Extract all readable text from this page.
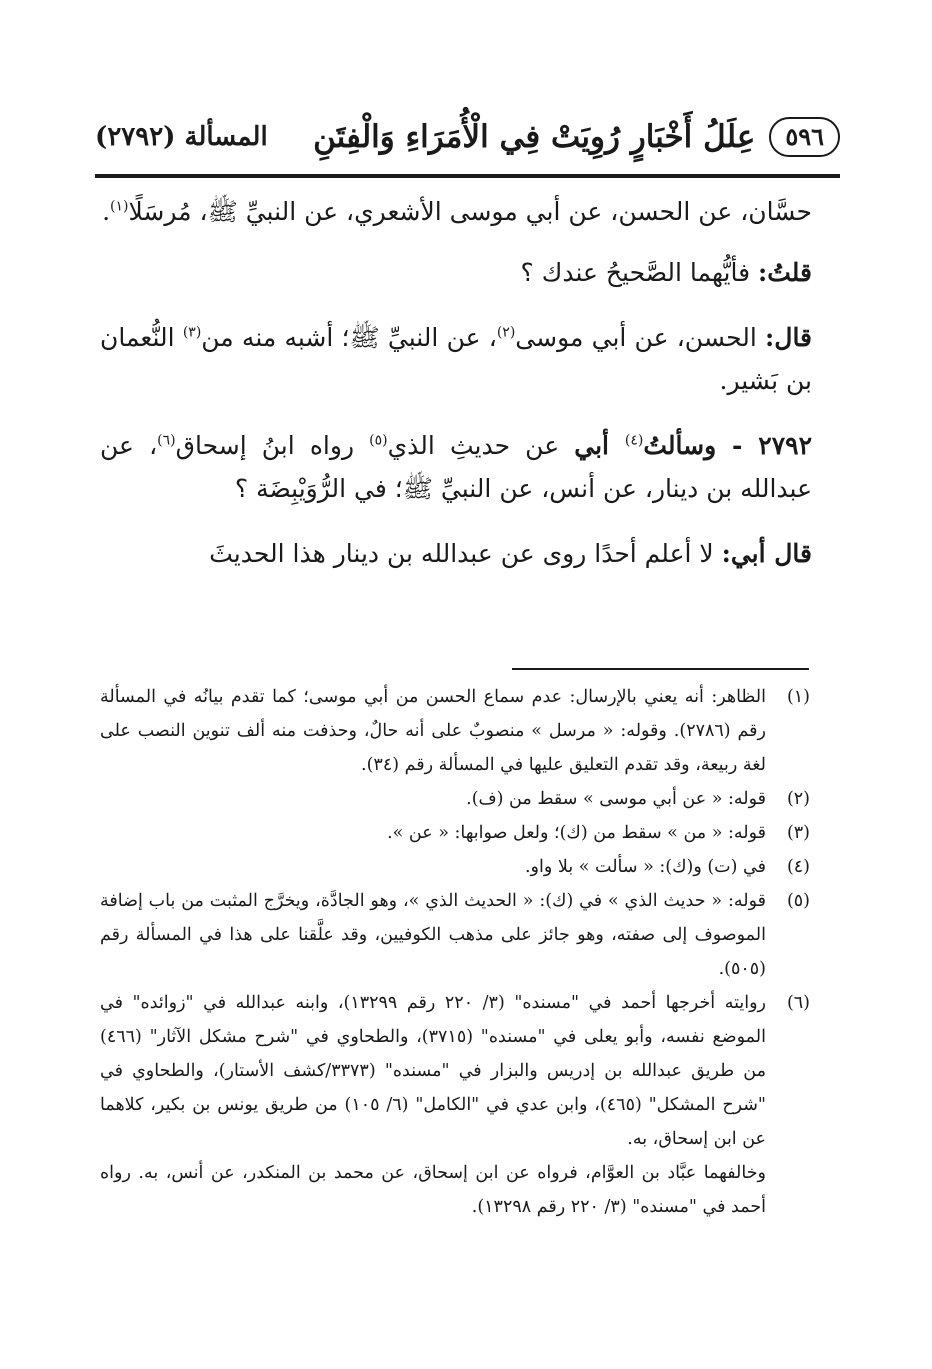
٥٩٦
عِلَلُ أَخْبَارٍ رُوِيَتْ فِي الْأُمَرَاءِ وَالْفِتَنِ
المسألة (٢٧٩٢)

حسَّان، عن الحسن، عن أبي موسى الأشعري، عن النبيِّ ﷺ، مُرسَلًا$^{(١)}$.

قلتُ: فأيُّهما الصَّحيحُ عندك ؟

قال: الحسن، عن أبي موسى$^{(٢)}$، عن النبيِّ ﷺ؛ أشبه منه من$^{(٣)}$ النُّعمان بن بَشير.

٢٧٩٢ - وسألتُ$^{(٤)}$ أبي عن حديثِ الذي$^{(٥)}$ رواه ابنُ إسحاق$^{(٦)}$، عن عبدالله بن دينار، عن أنس، عن النبيِّ ﷺ؛ في الرُّوَيْبِضَة ؟

قال أبي: لا أعلم أحدًا روى عن عبدالله بن دينار هذا الحديثَ

(١)
الظاهر: أنه يعني بالإرسال: عدم سماع الحسن من أبي موسى؛ كما تقدم بيانُه في المسألة رقم (٢٧٨٦). وقوله: « مرسل » منصوبٌ على أنه حالٌ، وحذفت منه ألف تنوين النصب على لغة ربيعة، وقد تقدم التعليق عليها في المسألة رقم (٣٤).
(٢)
قوله: « عن أبي موسى » سقط من (ف).
(٣)
قوله: « من » سقط من (ك)؛ ولعل صوابها: « عن ».
(٤)
في (ت) و(ك): « سألت » بلا واو.
(٥)
قوله: « حديث الذي » في (ك): « الحديث الذي »، وهو الجادَّة، ويخرَّج المثبت من باب إضافة الموصوف إلى صفته، وهو جائز على مذهب الكوفيين، وقد علَّقنا على هذا في المسألة رقم (٥٠٥).
(٦)
روايته أخرجها أحمد في "مسنده" (٣/ ٢٢٠ رقم ١٣٢٩٩)، وابنه عبدالله في "زوائده" في الموضع نفسه، وأبو يعلى في "مسنده" (٣٧١٥)، والطحاوي في "شرح مشكل الآثار" (٤٦٦) من طريق عبدالله بن إدريس والبزار في "مسنده" (٣٣٧٣/كشف الأستار)، والطحاوي في "شرح المشكل" (٤٦٥)، وابن عدي في "الكامل" (٦/ ١٠٥) من طريق يونس بن بكير، كلاهما عن ابن إسحاق، به.
وخالفهما عبَّاد بن العوَّام، فرواه عن ابن إسحاق، عن محمد بن المنكدر، عن أنس، به. رواه أحمد في "مسنده" (٣/ ٢٢٠ رقم ١٣٢٩٨).
